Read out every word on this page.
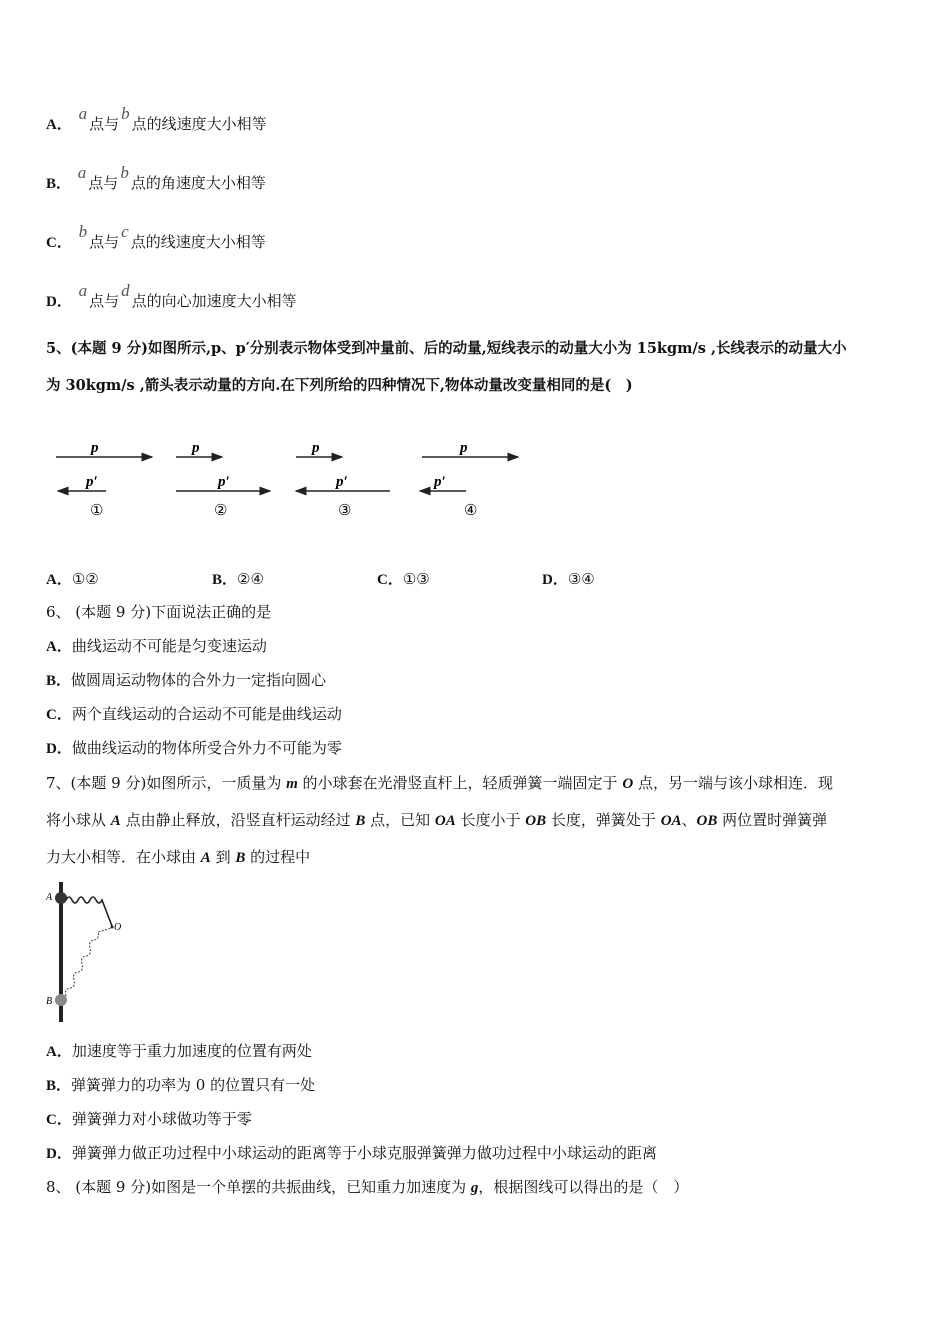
A． a点与b点的线速度大小相等
B． a点与b点的角速度大小相等
C． b点与c点的线速度大小相等
D． a点与d点的向心加速度大小相等
5、(本题 9 分)如图所示,p、p′分别表示物体受到冲量前、后的动量,短线表示的动量大小为 15kgm/s ,长线表示的动量大小
为 30kgm/s ,箭头表示动量的方向.在下列所给的四种情况下,物体动量改变量相同的是(　)
p
p′
①
p
p′
②
p
p′
③
p
p′
④
A．①②	B．②④	C．①③	D．③④
6、 (本题 9 分)下面说法正确的是
A．曲线运动不可能是匀变速运动
B．做圆周运动物体的合外力一定指向圆心
C．两个直线运动的合运动不可能是曲线运动
D．做曲线运动的物体所受合外力不可能为零
7、(本题 9 分)如图所示，一质量为 m 的小球套在光滑竖直杆上，轻质弹簧一端固定于 O 点，另一端与该小球相连．现
将小球从 A 点由静止释放，沿竖直杆运动经过 B 点，已知 OA 长度小于 OB 长度，弹簧处于 OA、OB 两位置时弹簧弹
力大小相等．在小球由 A 到 B 的过程中
A
B
O
A．加速度等于重力加速度的位置有两处
B．弹簧弹力的功率为 0 的位置只有一处
C．弹簧弹力对小球做功等于零
D．弹簧弹力做正功过程中小球运动的距离等于小球克服弹簧弹力做功过程中小球运动的距离
8、 (本题 9 分)如图是一个单摆的共振曲线，已知重力加速度为 g，根据图线可以得出的是（　）
